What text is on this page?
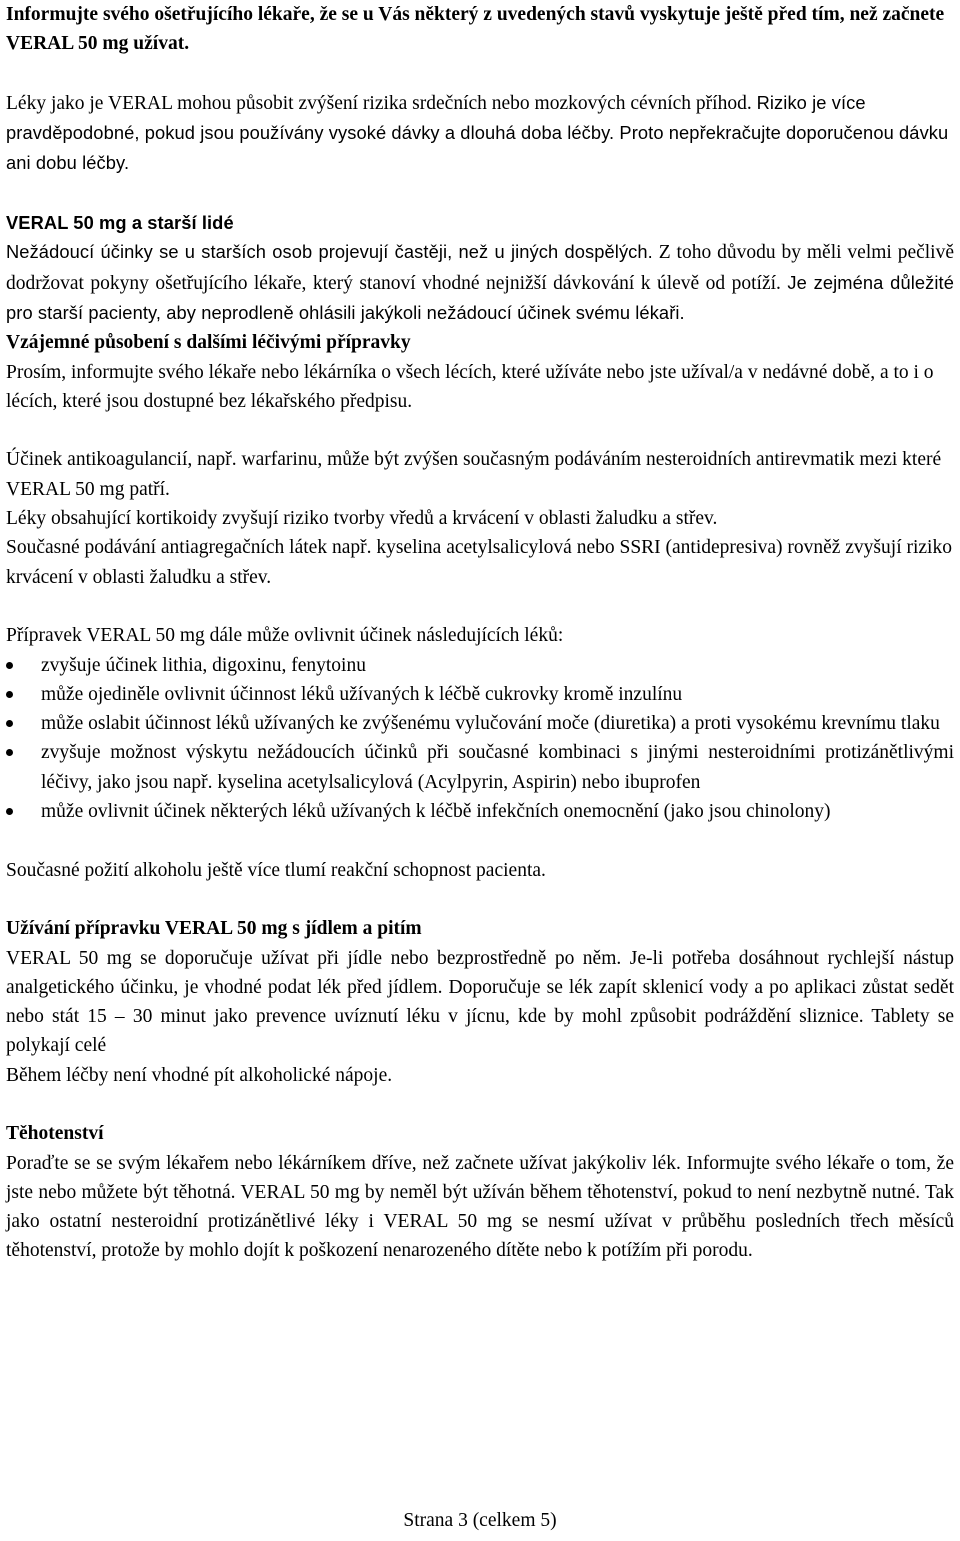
Informujte svého ošetřujícího lékaře, že se u Vás některý z uvedených stavů vyskytuje ještě před tím, než začnete VERAL 50 mg užívat.

Léky jako je VERAL mohou působit zvýšení rizika srdečních nebo mozkových cévních příhod. Riziko je více pravděpodobné, pokud jsou používány vysoké dávky a dlouhá doba léčby. Proto nepřekračujte doporučenou dávku ani dobu léčby.

VERAL 50 mg a starší lidé

Nežádoucí účinky se u starších osob projevují častěji, než u jiných dospělých. Z toho důvodu by měli velmi pečlivě dodržovat pokyny ošetřujícího lékaře, který stanoví vhodné nejnižší dávkování k úlevě od potíží. Je zejména důležité pro starší pacienty, aby neprodleně ohlásili jakýkoli nežádoucí účinek svému lékaři.

Vzájemné působení s dalšími léčivými přípravky

Prosím, informujte svého lékaře nebo lékárníka o všech lécích, které užíváte nebo jste užíval/a v nedávné době, a to i o lécích, které jsou dostupné bez lékařského předpisu.

Účinek antikoagulancií, např. warfarinu, může být zvýšen současným podáváním nesteroidních antirevmatik mezi které VERAL 50 mg patří.

Léky obsahující kortikoidy zvyšují riziko tvorby vředů a krvácení v oblasti žaludku a střev.

Současné podávání antiagregačních látek např. kyselina acetylsalicylová nebo SSRI (antidepresiva) rovněž zvyšují riziko krvácení v oblasti žaludku a střev.

Přípravek VERAL 50 mg dále může ovlivnit účinek následujících léků:

zvyšuje účinek lithia, digoxinu, fenytoinu
může ojediněle ovlivnit účinnost léků užívaných k léčbě cukrovky kromě inzulínu
může oslabit účinnost léků užívaných ke zvýšenému vylučování moče (diuretika) a proti vysokému krevnímu tlaku
zvyšuje možnost výskytu nežádoucích účinků při současné kombinaci s jinými nesteroidními protizánětlivými léčivy, jako jsou např. kyselina acetylsalicylová (Acylpyrin, Aspirin) nebo ibuprofen
může ovlivnit účinek některých léků užívaných k léčbě infekčních onemocnění (jako jsou chinolony)

Současné požití alkoholu ještě více tlumí reakční schopnost pacienta.

Užívání přípravku VERAL 50 mg s jídlem a pitím

VERAL 50 mg se doporučuje užívat při jídle nebo bezprostředně po něm. Je-li potřeba dosáhnout rychlejší nástup analgetického účinku, je vhodné podat lék před jídlem. Doporučuje se lék zapít sklenicí vody a po aplikaci zůstat sedět nebo stát 15 – 30 minut jako prevence uvíznutí léku v jícnu, kde by mohl způsobit podráždění sliznice. Tablety se polykají celé

Během léčby není vhodné pít alkoholické nápoje.

Těhotenství

Poraďte se se svým lékařem nebo lékárníkem dříve, než začnete užívat jakýkoliv lék. Informujte svého lékaře o tom, že jste nebo můžete být těhotná. VERAL 50 mg by neměl být užíván během těhotenství, pokud to není nezbytně nutné. Tak jako ostatní nesteroidní protizánětlivé léky i VERAL 50 mg se nesmí užívat v průběhu posledních třech měsíců těhotenství, protože by mohlo dojít k poškození nenarozeného dítěte nebo k potížím při porodu.

Strana 3 (celkem 5)
